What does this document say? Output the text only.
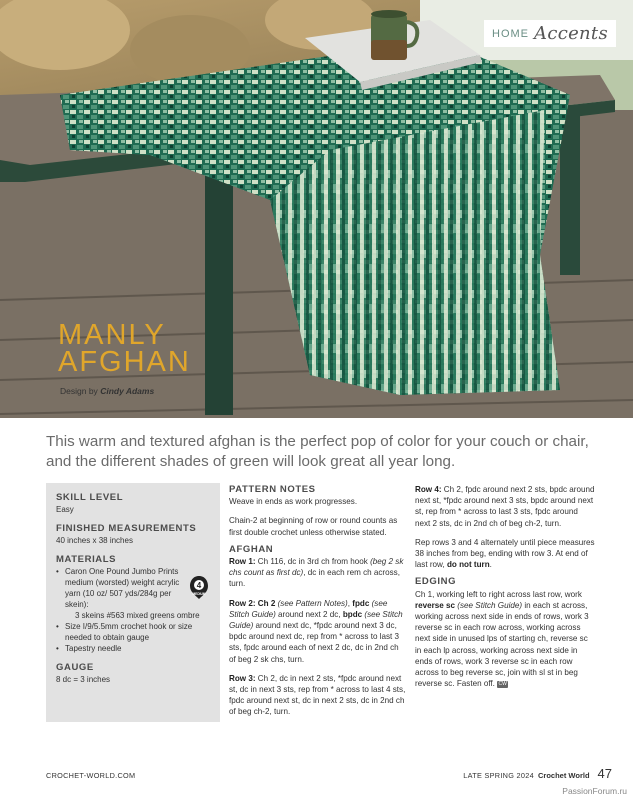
HOME Accents
MANLY
AFGHAN
Design by Cindy Adams
This warm and textured afghan is the perfect pop of color for your couch or chair, and the different shades of green will look great all year long.
SKILL LEVEL
Easy
FINISHED MEASUREMENTS
40 inches x 38 inches
MATERIALS
• Caron One Pound Jumbo Prints medium (worsted) weight acrylic yarn (10 oz/ 507 yds/284g per skein):
3 skeins #563 mixed greens ombre
• Size I/9/5.5mm crochet hook or size needed to obtain gauge
• Tapestry needle
GAUGE
8 dc = 3 inches
4
MEDIUM
PATTERN NOTES

Weave in ends as work progresses.

Chain-2 at beginning of row or round counts as first double crochet unless otherwise stated.

AFGHAN

Row 1: Ch 116, dc in 3rd ch from hook (beg 2 sk chs count as first dc), dc in each rem ch across, turn.

Row 2: Ch 2 (see Pattern Notes), fpdc (see Stitch Guide) around next 2 dc, bpdc (see Stitch Guide) around next dc, *fpdc around next 3 dc, bpdc around next dc, rep from * across to last 3 sts, fpdc around each of next 2 dc, dc in 2nd ch of beg 2 sk chs, turn.

Row 3: Ch 2, dc in next 2 sts, *fpdc around next st, dc in next 3 sts, rep from * across to last 4 sts, fpdc around next st, dc in next 2 sts, dc in 2nd ch of beg ch-2, turn.

Row 4: Ch 2, fpdc around next 2 sts, bpdc around next st, *fpdc around next 3 sts, bpdc around next st, rep from * across to last 3 sts, fpdc around next 2 sts, dc in 2nd ch of beg ch-2, turn.

Rep rows 3 and 4 alternately until piece measures 38 inches from beg, ending with row 3. At end of last row, do not turn.

EDGING

Ch 1, working left to right across last row, work reverse sc (see Stitch Guide) in each st across, working across next side in ends of rows, work 3 reverse sc in each row across, working across next side in unused lps of starting ch, reverse sc in each lp across, working across next side in ends of rows, work 3 reverse sc in each row across to beg reverse sc, join with sl st in beg reverse sc. Fasten off. CW

CROCHET-WORLD.COM	LATE SPRING 2024 Crochet World 47
PassionForum.ru
